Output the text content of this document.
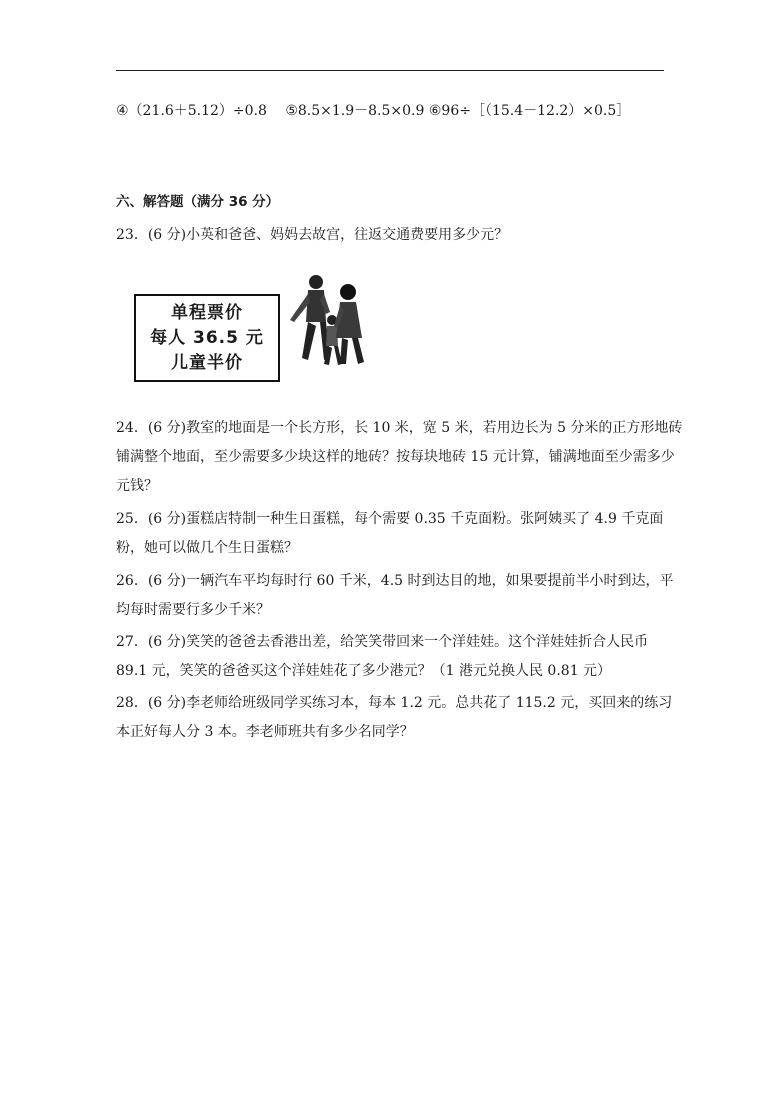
④（21.6＋5.12）÷0.8　 ⑤8.5×1.9－8.5×0.9 ⑥96÷［（15.4－12.2）×0.5］
六、解答题（满分 36 分）
23．(6 分)小英和爸爸、妈妈去故宫，往返交通费要用多少元？
单程票价
每人 36.5 元
儿童半价
24．(6 分)教室的地面是一个长方形，长 10 米，宽 5 米，若用边长为 5 分米的正方形地砖
铺满整个地面，至少需要多少块这样的地砖？按每块地砖 15 元计算，铺满地面至少需多少
元钱？
25．(6 分)蛋糕店特制一种生日蛋糕，每个需要 0.35 千克面粉。张阿姨买了 4.9 千克面
粉，她可以做几个生日蛋糕？
26．(6 分)一辆汽车平均每时行 60 千米，4.5 时到达目的地，如果要提前半小时到达，平
均每时需要行多少千米？
27．(6 分)笑笑的爸爸去香港出差，给笑笑带回来一个洋娃娃。这个洋娃娃折合人民币
89.1 元，笑笑的爸爸买这个洋娃娃花了多少港元？（1 港元兑换人民 0.81 元）
28．(6 分)李老师给班级同学买练习本，每本 1.2 元。总共花了 115.2 元，买回来的练习
本正好每人分 3 本。李老师班共有多少名同学？
